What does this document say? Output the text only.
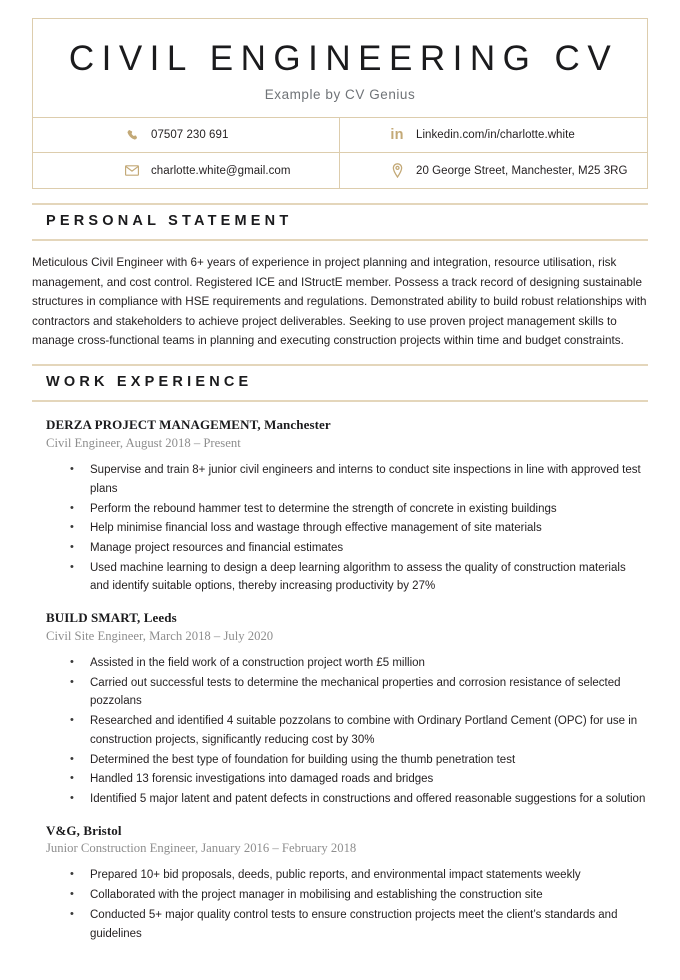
CIVIL ENGINEERING CV

Example by CV Genius

07507 230 691	in Linkedin.com/in/charlotte.white
charlotte.white@gmail.com	20 George Street, Manchester, M25 3RG
PERSONAL STATEMENT

Meticulous Civil Engineer with 6+ years of experience in project planning and integration, resource utilisation, risk management, and cost control. Registered ICE and IStructE member. Possess a track record of designing sustainable structures in compliance with HSE requirements and regulations. Demonstrated ability to build robust relationships with contractors and stakeholders to achieve project deliverables. Seeking to use proven project management skills to manage cross-functional teams in planning and executing construction projects within time and budget constraints.

WORK EXPERIENCE
DERZA PROJECT MANAGEMENT, Manchester
Civil Engineer, August 2018 – Present
• Supervise and train 8+ junior civil engineers and interns to conduct site inspections in line with approved test plans
• Perform the rebound hammer test to determine the strength of concrete in existing buildings
• Help minimise financial loss and wastage through effective management of site materials
• Manage project resources and financial estimates
• Used machine learning to design a deep learning algorithm to assess the quality of construction materials and identify suitable options, thereby increasing productivity by 27%
BUILD SMART, Leeds
Civil Site Engineer, March 2018 – July 2020
• Assisted in the field work of a construction project worth £5 million
• Carried out successful tests to determine the mechanical properties and corrosion resistance of selected pozzolans
• Researched and identified 4 suitable pozzolans to combine with Ordinary Portland Cement (OPC) for use in construction projects, significantly reducing cost by 30%
• Determined the best type of foundation for building using the thumb penetration test
• Handled 13 forensic investigations into damaged roads and bridges
• Identified 5 major latent and patent defects in constructions and offered reasonable suggestions for a solution
V&G, Bristol
Junior Construction Engineer, January 2016 – February 2018
• Prepared 10+ bid proposals, deeds, public reports, and environmental impact statements weekly
• Collaborated with the project manager in mobilising and establishing the construction site
• Conducted 5+ major quality control tests to ensure construction projects meet the client’s standards and guidelines
